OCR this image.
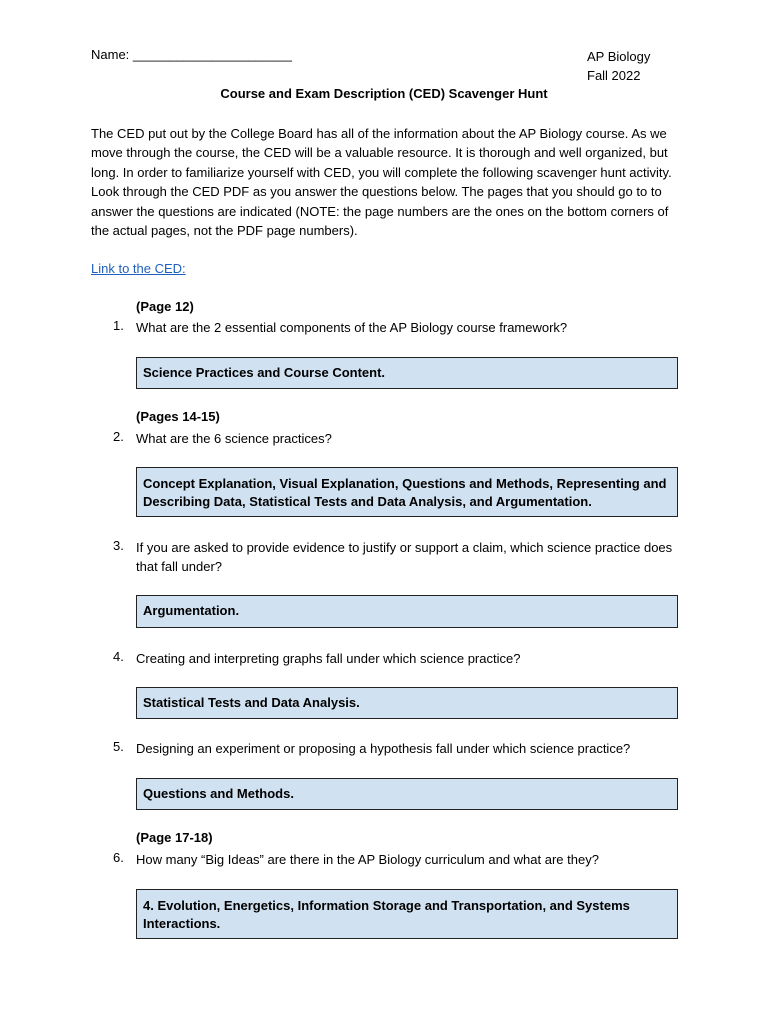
Name: ______________________	AP Biology
Fall 2022
Course and Exam Description (CED) Scavenger Hunt
The CED put out by the College Board has all of the information about the AP Biology course. As we move through the course, the CED will be a valuable resource. It is thorough and well organized, but long. In order to familiarize yourself with CED, you will complete the following scavenger hunt activity. Look through the CED PDF as you answer the questions below. The pages that you should go to to answer the questions are indicated (NOTE: the page numbers are the ones on the bottom corners of the actual pages, not the PDF page numbers).
Link to the CED:
(Page 12)
1. What are the 2 essential components of the AP Biology course framework?
Science Practices and Course Content.
(Pages 14-15)
2. What are the 6 science practices?
Concept Explanation, Visual Explanation, Questions and Methods, Representing and Describing Data, Statistical Tests and Data Analysis, and Argumentation.
3. If you are asked to provide evidence to justify or support a claim, which science practice does that fall under?
Argumentation.
4. Creating and interpreting graphs fall under which science practice?
Statistical Tests and Data Analysis.
5. Designing an experiment or proposing a hypothesis fall under which science practice?
Questions and Methods.
(Page 17-18)
6. How many “Big Ideas” are there in the AP Biology curriculum and what are they?
4. Evolution, Energetics, Information Storage and Transportation, and Systems Interactions.
